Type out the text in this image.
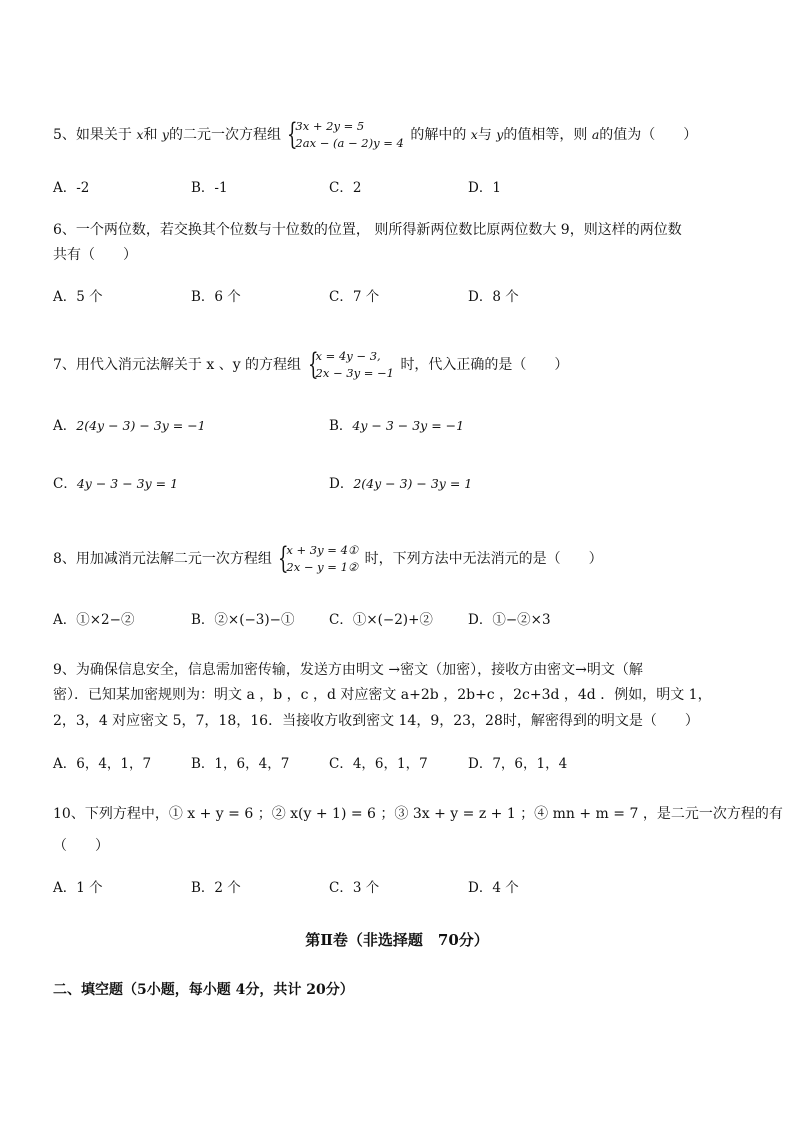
5、如果关于 x和 y的二元一次方程组 {
3x + 2y = 5
2ax − (a − 2)y = 4 的解中的 x与 y的值相等，则 a的值为（　　）
A．-2	B．-1	C．2	D．1
6、一个两位数，若交换其个位数与十位数的位置， 则所得新两位数比原两位数大 9，则这样的两位数
共有（　　）
A．5 个	B．6 个	C．7 个	D．8 个
7、用代入消元法解关于 x 、y 的方程组 {
x = 4y − 3,
2x − 3y = −1 时，代入正确的是（　　）
A．2(4y − 3) − 3y = −1	B．4y − 3 − 3y = −1
C．4y − 3 − 3y = 1	D．2(4y − 3) − 3y = 1
8、用加减消元法解二元一次方程组 {
x + 3y = 4①
2x − y = 1② 时，下列方法中无法消元的是（　　）
A．①×2−②	B．②×(−3)−①	C．①×(−2)+②	D．①−②×3
9、为确保信息安全，信息需加密传输，发送方由明文 →密文（加密），接收方由密文→明文（解
密）．已知某加密规则为：明文 a ，b ，c ，d 对应密文 a+2b ，2b+c ，2c+3d ，4d ．例如，明文 1，
2，3，4 对应密文 5，7，18，16．当接收方收到密文 14，9，23，28时，解密得到的明文是（　　）
A．6，4，1，7	B．1，6，4，7	C．4，6，1，7	D．7，6，1，4
10、下列方程中，① x + y = 6 ；② x(y + 1) = 6 ；③ 3x + y = z + 1 ；④ mn + m = 7 ，是二元一次方程的有
（　　）
A．1 个	B．2 个	C．3 个	D．4 个
第Ⅱ卷（非选择题　70分）
二、填空题（5小题，每小题 4分，共计 20分）
